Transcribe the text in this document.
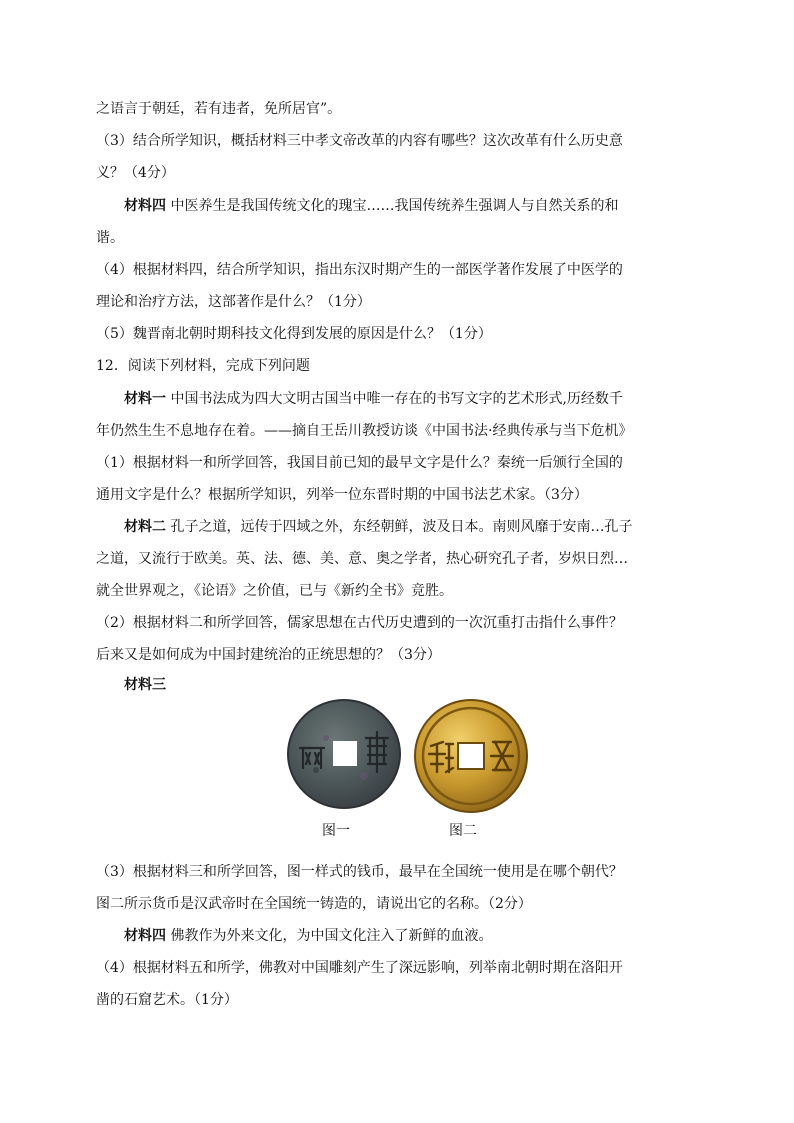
之语言于朝廷，若有违者，免所居官”。
（3）结合所学知识，概括材料三中孝文帝改革的内容有哪些？这次改革有什么历史意
义？（4分）
材料四 中医养生是我国传统文化的瑰宝……我国传统养生强调人与自然关系的和
谐。
（4）根据材料四，结合所学知识，指出东汉时期产生的一部医学著作发展了中医学的
理论和治疗方法，这部著作是什么？（1分）
（5）魏晋南北朝时期科技文化得到发展的原因是什么？（1分）
12．阅读下列材料，完成下列问题
材料一 中国书法成为四大文明古国当中唯一存在的书写文字的艺术形式,历经数千
年仍然生生不息地存在着。——摘自王岳川教授访谈《中国书法·经典传承与当下危机》
（1）根据材料一和所学回答，我国目前已知的最早文字是什么？秦统一后颁行全国的
通用文字是什么？根据所学知识，列举一位东晋时期的中国书法艺术家。（3分）
材料二 孔子之道，远传于四域之外，东经朝鲜，波及日本。南则风靡于安南…孔子
之道，又流行于欧美。英、法、德、美、意、奥之学者，热心研究孔子者，岁炽日烈…
就全世界观之，《论语》之价值，已与《新约全书》竞胜。
（2）根据材料二和所学回答，儒家思想在古代历史遭到的一次沉重打击指什么事件？
后来又是如何成为中国封建统治的正统思想的？（3分）
材料三
图一	图二
（3）根据材料三和所学回答，图一样式的钱币，最早在全国统一使用是在哪个朝代？
图二所示货币是汉武帝时在全国统一铸造的，请说出它的名称。（2分）
材料四 佛教作为外来文化，为中国文化注入了新鲜的血液。
（4）根据材料五和所学，佛教对中国雕刻产生了深远影响，列举南北朝时期在洛阳开
凿的石窟艺术。（1分）
